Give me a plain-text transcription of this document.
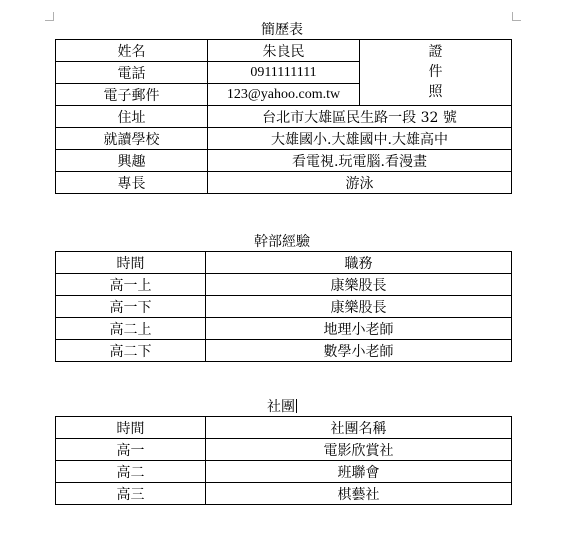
簡歷表
姓名	朱良民	證
件
照

電話	0911111111	
電子郵件	123@yahoo.com.tw	
住址	台北市大雄區民生路一段 32 號	
就讀學校	大雄國小.大雄國中.大雄高中	
興趣	看電視.玩電腦.看漫畫	
專長	游泳	
幹部經驗
時間	職務
高一上	康樂股長
高一下	康樂股長
高二上	地理小老師
高二下	數學小老師
社團
時間	社團名稱
高一	電影欣賞社
高二	班聯會
高三	棋藝社
